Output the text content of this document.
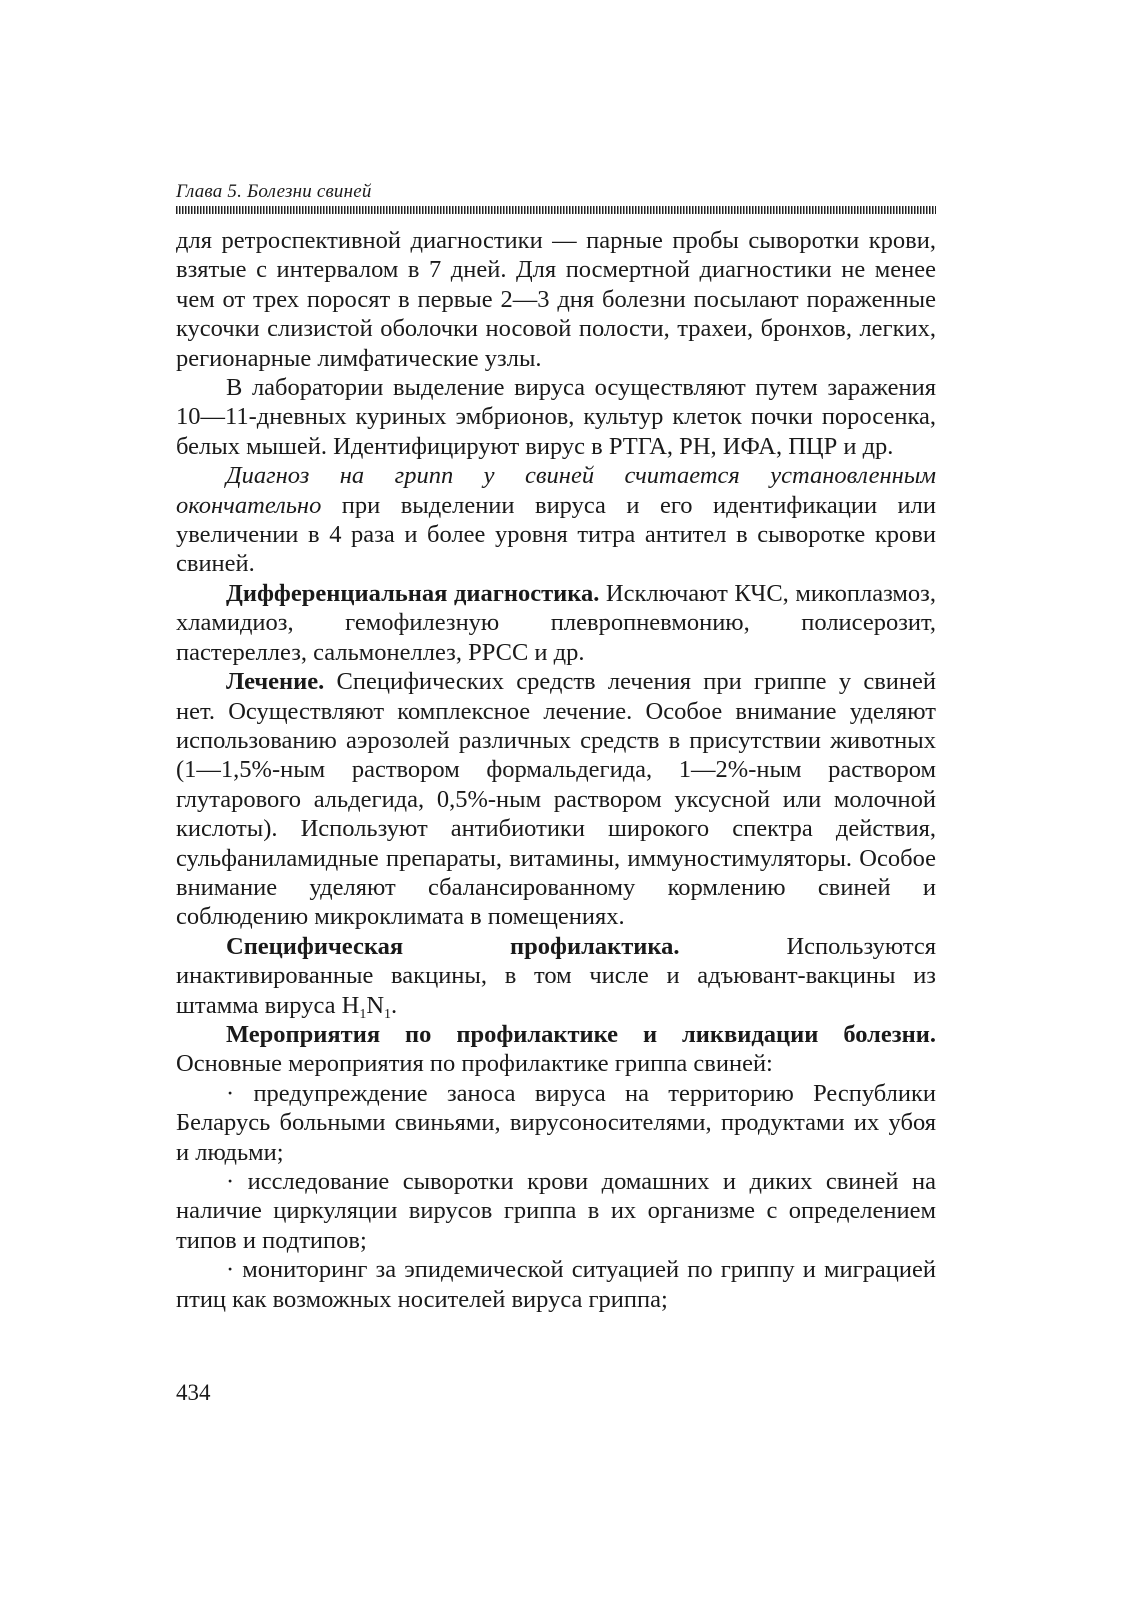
Глава 5. Болезни свиней

для ретроспективной диагностики — парные пробы сыворотки крови, взятые с интервалом в 7 дней. Для посмертной диагностики не менее чем от трех поросят в первые 2—3 дня болезни посылают пораженные кусочки слизистой оболочки носовой полости, трахеи, бронхов, легких, регионарные лимфатические узлы.

В лаборатории выделение вируса осуществляют путем заражения 10—11-дневных куриных эмбрионов, культур клеток почки поросенка, белых мышей. Идентифицируют вирус в РТГА, РН, ИФА, ПЦР и др.

Диагноз на грипп у свиней считается установленным окончательно при выделении вируса и его идентификации или увеличении в 4 раза и более уровня титра антител в сыворотке крови свиней.

Дифференциальная диагностика. Исключают КЧС, микоплазмоз, хламидиоз, гемофилезную плевропневмонию, полисерозит, пастереллез, сальмонеллез, РРСС и др.

Лечение. Специфических средств лечения при гриппе у свиней нет. Осуществляют комплексное лечение. Особое внимание уделяют использованию аэрозолей различных средств в присутствии животных (1—1,5%-ным раствором формальдегида, 1—2%-ным раствором глутарового альдегида, 0,5%-ным раствором уксусной или молочной кислоты). Используют антибиотики широкого спектра действия, сульфаниламидные препараты, витамины, иммуностимуляторы. Особое внимание уделяют сбалансированному кормлению свиней и соблюдению микроклимата в помещениях.

Специфическая профилактика. Используются инактивированные вакцины, в том числе и адъювант-вакцины из штамма вируса $H_1N_1$.

Мероприятия по профилактике и ликвидации болезни. Основные мероприятия по профилактике гриппа свиней:

· предупреждение заноса вируса на территорию Республики Беларусь больными свиньями, вирусоносителями, продуктами их убоя и людьми;

· исследование сыворотки крови домашних и диких свиней на наличие циркуляции вирусов гриппа в их организме с определением типов и подтипов;

· мониторинг за эпидемической ситуацией по гриппу и миграцией птиц как возможных носителей вируса гриппа;

434
